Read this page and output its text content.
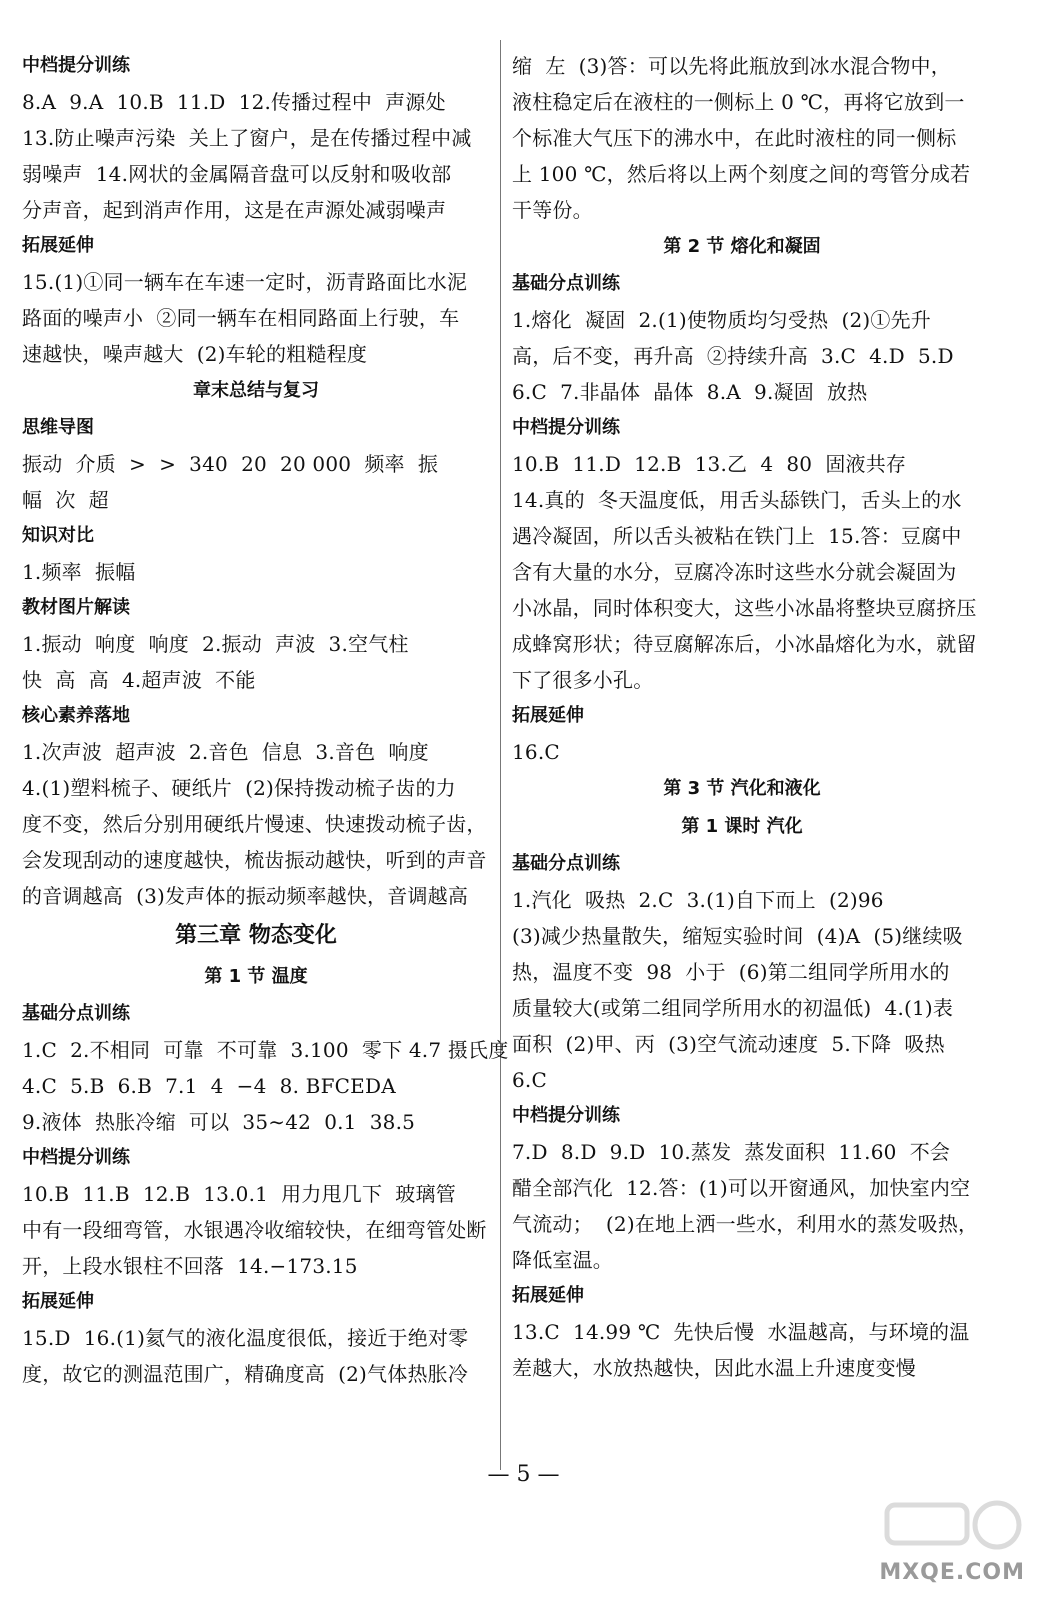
中档提分训练
8.A  9.A  10.B  11.D  12.传播过程中  声源处
13.防止噪声污染  关上了窗户，是在传播过程中减
弱噪声  14.网状的金属隔音盘可以反射和吸收部
分声音，起到消声作用，这是在声源处减弱噪声
拓展延伸
15.(1)①同一辆车在车速一定时，沥青路面比水泥
路面的噪声小  ②同一辆车在相同路面上行驶，车
速越快，噪声越大  (2)车轮的粗糙程度
章末总结与复习
思维导图
振动  介质  >  >  340  20  20 000  频率  振
幅  次  超
知识对比
1.频率  振幅
教材图片解读
1.振动  响度  响度  2.振动  声波  3.空气柱
快  高  高  4.超声波  不能
核心素养落地
1.次声波  超声波  2.音色  信息  3.音色  响度
4.(1)塑料梳子、硬纸片  (2)保持拨动梳子齿的力
度不变，然后分别用硬纸片慢速、快速拨动梳子齿，
会发现刮动的速度越快，梳齿振动越快，听到的声音
的音调越高  (3)发声体的振动频率越快，音调越高
第三章 物态变化
第 1 节 温度
基础分点训练
1.C  2.不相同  可靠  不可靠  3.100  零下 4.7 摄氏度
4.C  5.B  6.B  7.1  4  −4  8. BFCEDA
9.液体  热胀冷缩  可以  35∼42  0.1  38.5
中档提分训练
10.B  11.B  12.B  13.0.1  用力甩几下  玻璃管
中有一段细弯管，水银遇冷收缩较快，在细弯管处断
开，上段水银柱不回落  14.−173.15
拓展延伸
15.D  16.(1)氦气的液化温度很低，接近于绝对零
度，故它的测温范围广，精确度高  (2)气体热胀冷
缩  左  (3)答：可以先将此瓶放到冰水混合物中，
液柱稳定后在液柱的一侧标上 0 ℃，再将它放到一
个标准大气压下的沸水中，在此时液柱的同一侧标
上 100 ℃，然后将以上两个刻度之间的弯管分成若
干等份。
第 2 节 熔化和凝固
基础分点训练
1.熔化  凝固  2.(1)使物质均匀受热  (2)①先升
高，后不变，再升高  ②持续升高  3.C  4.D  5.D
6.C  7.非晶体  晶体  8.A  9.凝固  放热
中档提分训练
10.B  11.D  12.B  13.乙  4  80  固液共存
14.真的  冬天温度低，用舌头舔铁门，舌头上的水
遇冷凝固，所以舌头被粘在铁门上  15.答：豆腐中
含有大量的水分，豆腐冷冻时这些水分就会凝固为
小冰晶，同时体积变大，这些小冰晶将整块豆腐挤压
成蜂窝形状；待豆腐解冻后，小冰晶熔化为水，就留
下了很多小孔。
拓展延伸
16.C
第 3 节 汽化和液化
第 1 课时 汽化
基础分点训练
1.汽化  吸热  2.C  3.(1)自下而上  (2)96
(3)减少热量散失，缩短实验时间  (4)A  (5)继续吸
热，温度不变  98  小于  (6)第二组同学所用水的
质量较大(或第二组同学所用水的初温低)  4.(1)表
面积  (2)甲、丙  (3)空气流动速度  5.下降  吸热
6.C
中档提分训练
7.D  8.D  9.D  10.蒸发  蒸发面积  11.60  不会
醋全部汽化  12.答：(1)可以开窗通风，加快室内空
气流动；  (2)在地上洒一些水，利用水的蒸发吸热，
降低室温。
拓展延伸
13.C  14.99 ℃  先快后慢  水温越高，与环境的温
差越大，水放热越快，因此水温上升速度变慢
— 5 —
MXQE.COM
